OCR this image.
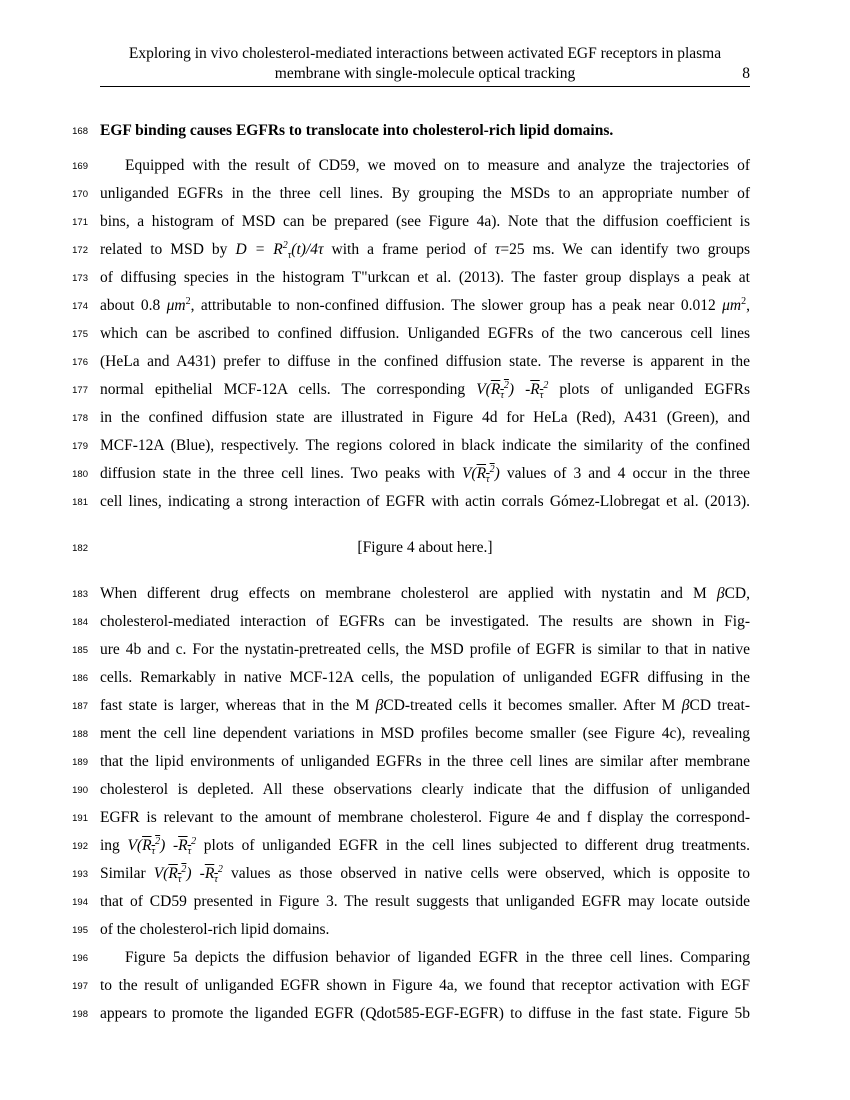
Exploring in vivo cholesterol-mediated interactions between activated EGF receptors in plasma
membrane with single-molecule optical tracking	8
168
169
170
171
172
173
174
175
176
177
178
179
180
181
182
183
184
185
186
187
188
189
190
191
192
193
194
195
196
197
198
EGF binding causes EGFRs to translocate into cholesterol-rich lipid domains.
Equipped with the result of CD59, we moved on to measure and analyze the trajectories of
unliganded EGFRs in the three cell lines. By grouping the MSDs to an appropriate number of
bins, a histogram of MSD can be prepared (see Figure 4a). Note that the diffusion coefficient is
related to MSD by $D = R^2_\tau(t)/4\tau$ with a frame period of τ=25 ms. We can identify two groups
of diffusing species in the histogram T"urkcan et al. (2013). The faster group displays a peak at
about 0.8 $\mu m^2$, attributable to non-confined diffusion. The slower group has a peak near 0.012 $\mu m^2$,
which can be ascribed to confined diffusion. Unliganded EGFRs of the two cancerous cell lines
(HeLa and A431) prefer to diffuse in the confined diffusion state. The reverse is apparent in the
normal epithelial MCF-12A cells. The corresponding $V(R_\tau^2)$ $-R_\tau^2$ plots of unliganded EGFRs
in the confined diffusion state are illustrated in Figure 4d for HeLa (Red), A431 (Green), and
MCF-12A (Blue), respectively. The regions colored in black indicate the similarity of the confined
diffusion state in the three cell lines. Two peaks with $V(R_\tau^2)$ values of 3 and 4 occur in the three
cell lines, indicating a strong interaction of EGFR with actin corrals Gómez-Llobregat et al. (2013).
[Figure 4 about here.]
When different drug effects on membrane cholesterol are applied with nystatin and M βCD,
cholesterol-mediated interaction of EGFRs can be investigated. The results are shown in Fig-
ure 4b and c. For the nystatin-pretreated cells, the MSD profile of EGFR is similar to that in native
cells. Remarkably in native MCF-12A cells, the population of unliganded EGFR diffusing in the
fast state is larger, whereas that in the M βCD-treated cells it becomes smaller. After M βCD treat-
ment the cell line dependent variations in MSD profiles become smaller (see Figure 4c), revealing
that the lipid environments of unliganded EGFRs in the three cell lines are similar after membrane
cholesterol is depleted. All these observations clearly indicate that the diffusion of unliganded
EGFR is relevant to the amount of membrane cholesterol. Figure 4e and f display the correspond-
ing $V(R_\tau^2)$ $-R_\tau^2$ plots of unliganded EGFR in the cell lines subjected to different drug treatments.
Similar $V(R_\tau^2)$ $-R_\tau^2$ values as those observed in native cells were observed, which is opposite to
that of CD59 presented in Figure 3. The result suggests that unliganded EGFR may locate outside
of the cholesterol-rich lipid domains.
Figure 5a depicts the diffusion behavior of liganded EGFR in the three cell lines. Comparing
to the result of unliganded EGFR shown in Figure 4a, we found that receptor activation with EGF
appears to promote the liganded EGFR (Qdot585-EGF-EGFR) to diffuse in the fast state. Figure 5b
